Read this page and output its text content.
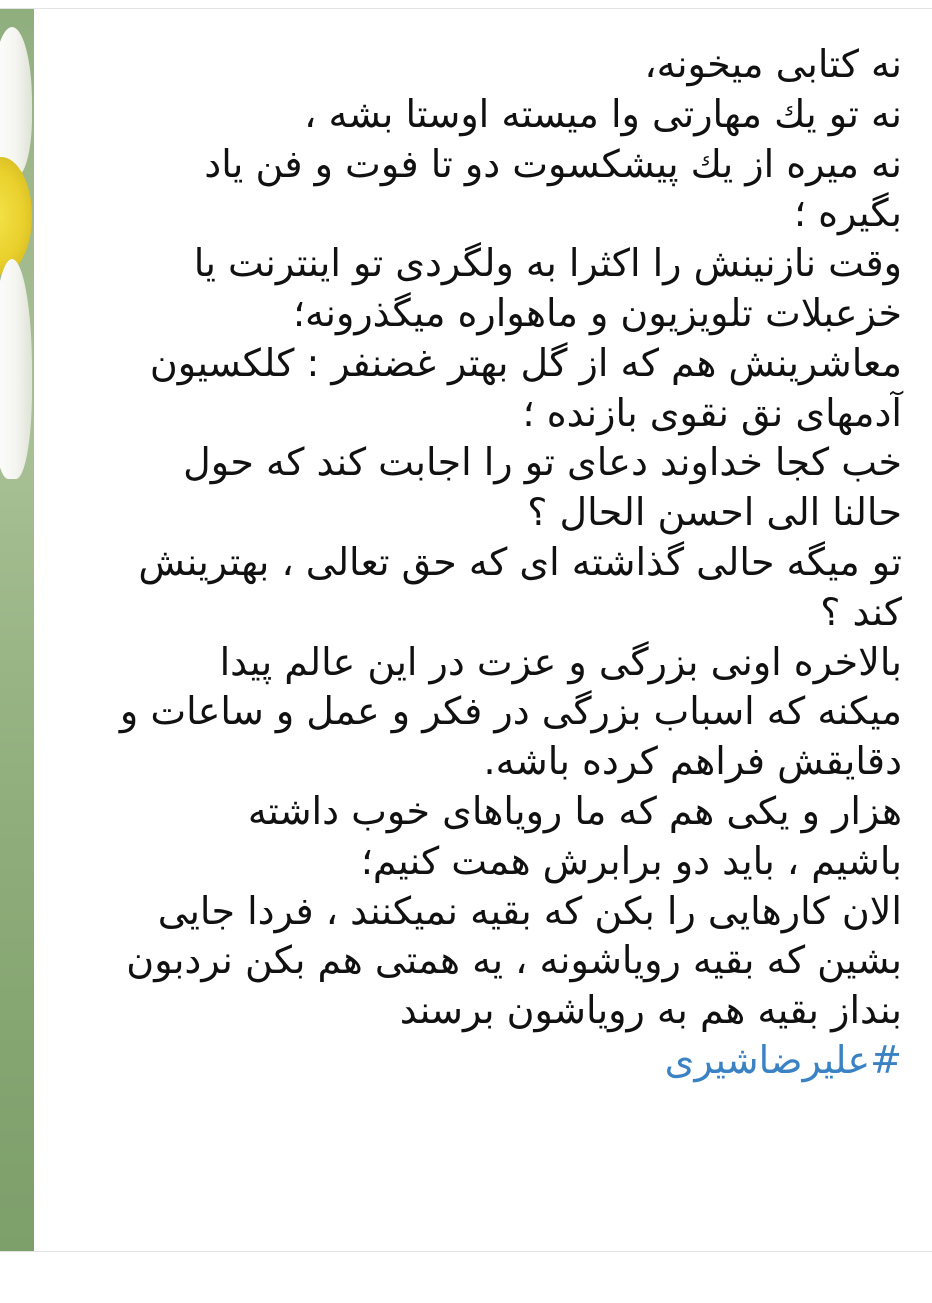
نه کتابی میخونه،
نه تو يك مهارتی وا میسته اوستا بشه ،
نه میره از يك پیشکسوت دو تا فوت و فن یاد
بگیره ؛
وقت نازنینش را اکثرا به ولگردی تو اینترنت یا
خزعبلات تلویزیون و ماهواره میگذرونه؛
معاشرینش هم که از گل بهتر غضنفر : کلکسیون
آدمهای نق نقوی بازنده ؛
خب کجا خداوند دعای تو را اجابت کند که حول
حالنا الی احسن الحال ؟
تو میگه حالی گذاشته ای که حق تعالی ، بهترینش
کند ؟
بالاخره اونی بزرگی و عزت در این عالم پیدا
میکنه که اسباب بزرگی در فکر و عمل و ساعات و
دقایقش فراهم کرده باشه.
هزار و یکی هم که ما رویاهای خوب داشته
باشیم ، باید دو برابرش همت کنیم؛
الان کارهایی را بکن که بقیه نمیکنند ، فردا جایی
بشین که بقیه رویاشونه ، یه همتی هم بکن نردبون
بنداز بقیه هم به رویاشون برسند
#علیرضاشیری
